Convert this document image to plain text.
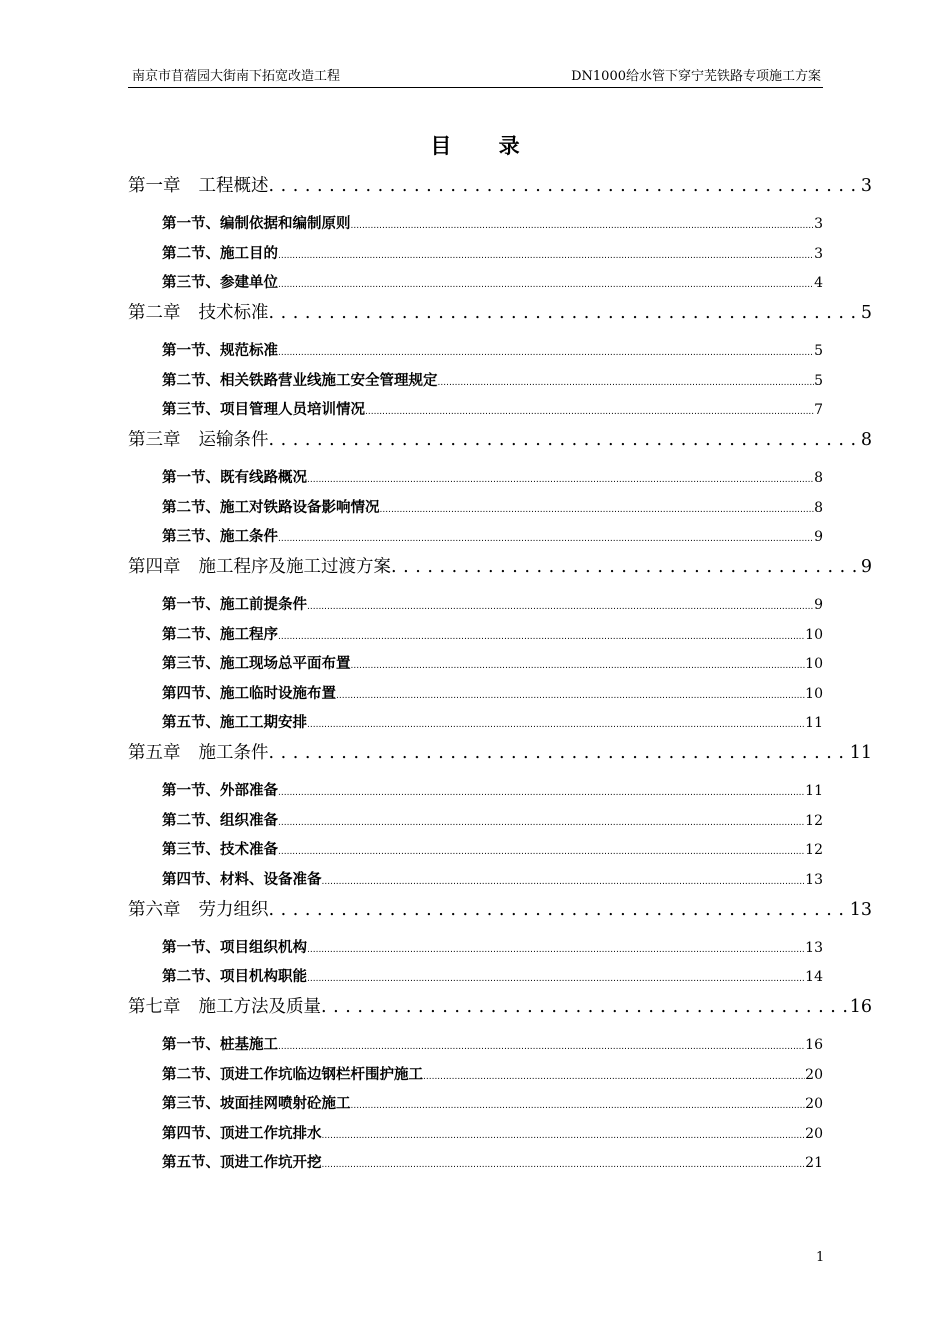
南京市苜蓿园大街南下拓宽改造工程	DN1000给水管下穿宁芜铁路专项施工方案
目 录
第一章 工程概述 . . .	3
第一节、编制依据和编制原则 .....	3
第二节、施工目的 .....	3
第三节、参建单位 .....	4
第二章 技术标准 . . .	5
第一节、规范标准 .....	5
第二节、相关铁路营业线施工安全管理规定 .....	5
第三节、项目管理人员培训情况 .....	7
第三章 运输条件 . . .	8
第一节、既有线路概况 .....	8
第二节、施工对铁路设备影响情况 .....	8
第三节、施工条件 .....	9
第四章 施工程序及施工过渡方案 . . .	9
第一节、施工前提条件 .....	9
第二节、施工程序 .....	10
第三节、施工现场总平面布置 .....	10
第四节、施工临时设施布置 .....	10
第五节、施工工期安排 .....	11
第五章 施工条件 . . .	11
第一节、外部准备 .....	11
第二节、组织准备 .....	12
第三节、技术准备 .....	12
第四节、材料、设备准备 .....	13
第六章 劳力组织 . . .	13
第一节、项目组织机构 .....	13
第二节、项目机构职能 .....	14
第七章 施工方法及质量 . . .	16
第一节、桩基施工 .....	16
第二节、顶进工作坑临边钢栏杆围护施工 .....	20
第三节、坡面挂网喷射砼施工 .....	20
第四节、顶进工作坑排水 .....	20
第五节、顶进工作坑开挖 .....	21
1
